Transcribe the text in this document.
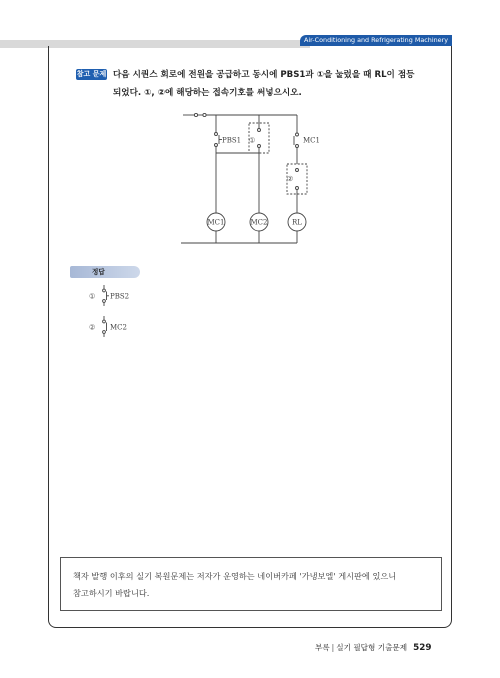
Air-Conditioning and Refrigerating Machinery
참고 문제 다음 시퀀스 회로에 전원을 공급하고 동시에 PBS1과 ①을 눌렀을 때 RL이 점등
되었다. ①, ②에 해당하는 접속기호를 써넣으시오.
PBS1 ①	MC1
②
MC1	MC2	RL
정답
① PBS2
② MC2
책자 발행 이후의 실기 복원문제는 저자가 운영하는 네이버카페 '가냉보엘' 게시판에 있으니
참고하시기 바랍니다.
부록 | 실기 필답형 기출문제 529
